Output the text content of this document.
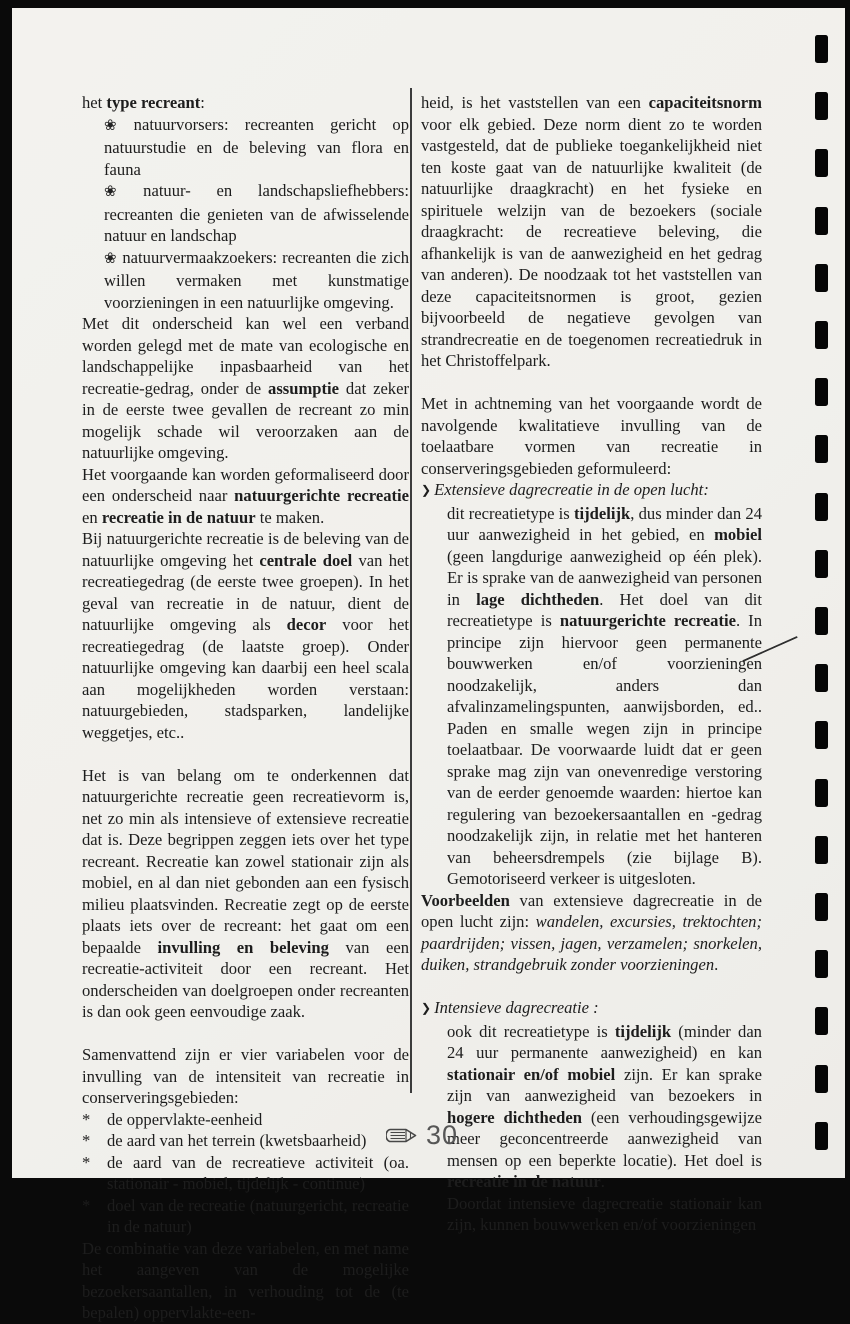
het type recreant:
❀ natuurvorsers: recreanten gericht op natuurstudie en de beleving van flora en fauna
❀ natuur- en landschapsliefhebbers: recreanten die genieten van de afwisselende natuur en landschap
❀ natuurvermaakzoekers: recreanten die zich willen vermaken met kunstmatige voorzieningen in een natuurlijke omgeving.
Met dit onderscheid kan wel een verband worden gelegd met de mate van ecologische en landschappelijke inpasbaarheid van het recreatie-gedrag, onder de assumptie dat zeker in de eerste twee gevallen de recreant zo min mogelijk schade wil veroorzaken aan de natuurlijke omgeving.
Het voorgaande kan worden geformaliseerd door een onderscheid naar natuurgerichte recreatie en recreatie in de natuur te maken.
Bij natuurgerichte recreatie is de beleving van de natuurlijke omgeving het centrale doel van het recreatiegedrag (de eerste twee groepen). In het geval van recreatie in de natuur, dient de natuurlijke omgeving als decor voor het recreatiegedrag (de laatste groep). Onder natuurlijke omgeving kan daarbij een heel scala aan mogelijkheden worden verstaan: natuurgebieden, stadsparken, landelijke weggetjes, etc..
Het is van belang om te onderkennen dat natuurgerichte recreatie geen recreatievorm is, net zo min als intensieve of extensieve recreatie dat is. Deze begrippen zeggen iets over het type recreant. Recreatie kan zowel stationair zijn als mobiel, en al dan niet gebonden aan een fysisch milieu plaatsvinden. Recreatie zegt op de eerste plaats iets over de recreant: het gaat om een bepaalde invulling en beleving van een recreatie-activiteit door een recreant. Het onderscheiden van doelgroepen onder recreanten is dan ook geen eenvoudige zaak.
Samenvattend zijn er vier variabelen voor de invulling van de intensiteit van recreatie in conserveringsgebieden:
* de oppervlakte-eenheid
* de aard van het terrein (kwetsbaarheid)
* de aard van de recreatieve activiteit (oa. stationair - mobiel, tijdelijk - continue)
* doel van de recreatie (natuurgericht, recreatie in de natuur)
De combinatie van deze variabelen, en met name het aangeven van de mogelijke bezoekersaantallen, in verhouding tot de (te bepalen) oppervlakte-een-
heid, is het vaststellen van een capaciteitsnorm voor elk gebied. Deze norm dient zo te worden vastgesteld, dat de publieke toegankelijkheid niet ten koste gaat van de natuurlijke kwaliteit (de natuurlijke draagkracht) en het fysieke en spirituele welzijn van de bezoekers (sociale draagkracht: de recreatieve beleving, die afhankelijk is van de aanwezigheid en het gedrag van anderen). De noodzaak tot het vaststellen van deze capaciteitsnormen is groot, gezien bijvoorbeeld de negatieve gevolgen van strandrecreatie en de toegenomen recreatiedruk in het Christoffelpark.
Met in achtneming van het voorgaande wordt de navolgende kwalitatieve invulling van de toelaatbare vormen van recreatie in conserveringsgebieden geformuleerd:
❯ Extensieve dagrecreatie in de open lucht:
dit recreatietype is tijdelijk, dus minder dan 24 uur aanwezigheid in het gebied, en mobiel (geen langdurige aanwezigheid op één plek). Er is sprake van de aanwezigheid van personen in lage dichtheden. Het doel van dit recreatietype is natuurgerichte recreatie. In principe zijn hiervoor geen permanente bouwwerken en/of voorzieningen noodzakelijk, anders dan afvalinzamelingspunten, aanwijsborden, ed.. Paden en smalle wegen zijn in principe toelaatbaar. De voorwaarde luidt dat er geen sprake mag zijn van onevenredige verstoring van de eerder genoemde waarden: hiertoe kan regulering van bezoekersaantallen en -gedrag noodzakelijk zijn, in relatie met het hanteren van beheersdrempels (zie bijlage B). Gemotoriseerd verkeer is uitgesloten.
Voorbeelden van extensieve dagrecreatie in de open lucht zijn: wandelen, excursies, trektochten; paardrijden; vissen, jagen, verzamelen; snorkelen, duiken, strandgebruik zonder voorzieningen.
❯ Intensieve dagrecreatie :
ook dit recreatietype is tijdelijk (minder dan 24 uur permanente aanwezigheid) en kan stationair en/of mobiel zijn. Er kan sprake zijn van aanwezigheid van bezoekers in hogere dichtheden (een verhoudingsgewijze meer geconcentreerde aanwezigheid van mensen op een beperkte locatie). Het doel is recreatie in de natuur.
Doordat intensieve dagrecreatie stationair kan zijn, kunnen bouwwerken en/of voorzieningen
30
